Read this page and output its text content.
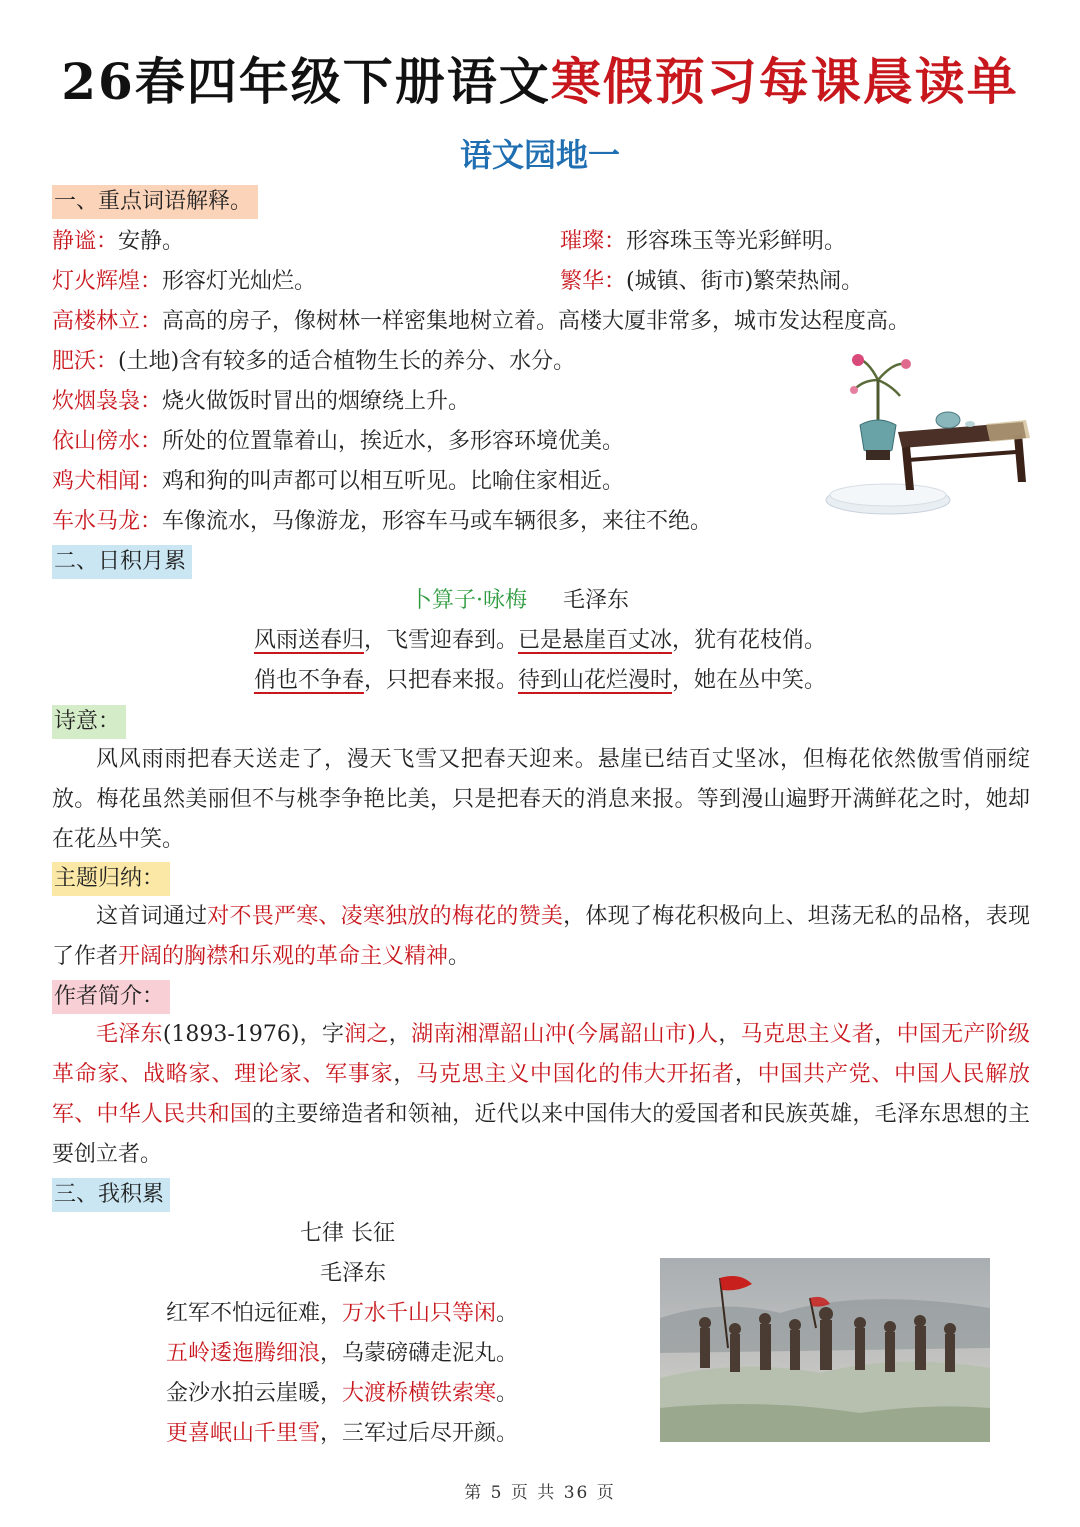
26春四年级下册语文寒假预习每课晨读单
语文园地一
一、重点词语解释。
静谧：安静。	璀璨：形容珠玉等光彩鲜明。
灯火辉煌：形容灯光灿烂。	繁华：(城镇、街市)繁荣热闹。
高楼林立：高高的房子，像树林一样密集地树立着。高楼大厦非常多，城市发达程度高。
肥沃：(土地)含有较多的适合植物生长的养分、水分。
炊烟袅袅：烧火做饭时冒出的烟缭绕上升。
依山傍水：所处的位置靠着山，挨近水，多形容环境优美。
鸡犬相闻：鸡和狗的叫声都可以相互听见。比喻住家相近。
车水马龙：车像流水，马像游龙，形容车马或车辆很多，来往不绝。
二、日积月累
卜算子·咏梅 毛泽东
风雨送春归，飞雪迎春到。已是悬崖百丈冰，犹有花枝俏。
俏也不争春，只把春来报。待到山花烂漫时，她在丛中笑。
诗意：

风风雨雨把春天送走了，漫天飞雪又把春天迎来。悬崖已结百丈坚冰，但梅花依然傲雪俏丽绽放。梅花虽然美丽但不与桃李争艳比美，只是把春天的消息来报。等到漫山遍野开满鲜花之时，她却在花丛中笑。

主题归纳：

这首词通过对不畏严寒、凌寒独放的梅花的赞美，体现了梅花积极向上、坦荡无私的品格，表现了作者开阔的胸襟和乐观的革命主义精神。

作者简介：

毛泽东(1893-1976)，字润之，湖南湘潭韶山冲(今属韶山市)人，马克思主义者，中国无产阶级革命家、战略家、理论家、军事家，马克思主义中国化的伟大开拓者，中国共产党、中国人民解放军、中华人民共和国的主要缔造者和领袖，近代以来中国伟大的爱国者和民族英雄，毛泽东思想的主要创立者。

三、我积累
七律 长征
毛泽东
红军不怕远征难，万水千山只等闲。
五岭逶迤腾细浪，乌蒙磅礴走泥丸。
金沙水拍云崖暖，大渡桥横铁索寒。
更喜岷山千里雪，三军过后尽开颜。
第 5 页 共 36 页
